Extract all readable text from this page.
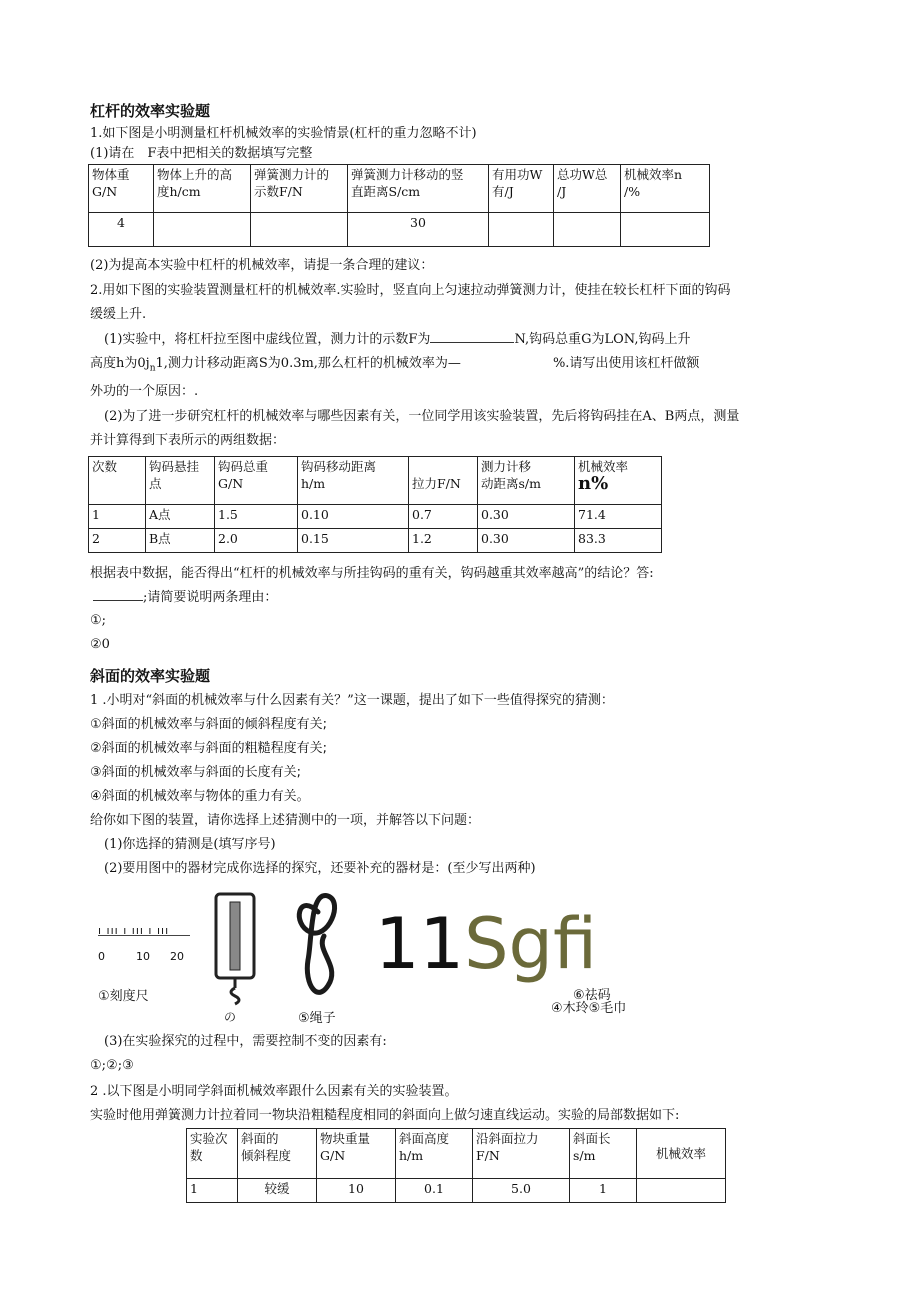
杠杆的效率实验题
1.如下图是小明测量杠杆机械效率的实验情景(杠杆的重力忽略不计)
(1)请在　F表中把相关的数据填写完整
物体重
G/N	物体上升的高
度h/cm	弹簧测力计的
示数F/N	弹簧测力计移动的竖
直距离S/cm	有用功W
有/J	总功W总
/J	机械效率n
/%
4			30			
(2)为提高本实验中杠杆的机械效率，请提一条合理的建议：
2.用如下图的实验装置测量杠杆的机械效率.实验时，竖直向上匀速拉动弹簧测力计，使挂在较长杠杆下面的钩码
缓缓上升.
(1)实验中，将杠杆拉至图中虚线位置，测力计的示数F为	N,钩码总重G为LON,钩码上升
高度h为$0j_n1$,测力计移动距离S为0.3m,那么杠杆的机械效率为—	%.请写出使用该杠杆做额
外功的一个原因：.
(2)为了进一步研究杠杆的机械效率与哪些因素有关，一位同学用该实验装置，先后将钩码挂在A、B两点，测量
并计算得到下表所示的两组数据：
次数	钩码悬挂
点	钩码总重
G/N	钩码移动距离
h/m	拉力F/N	测力计移
动距离s/m	机械效率
n%
1	A点	1.5	0.10	0.7	0.30	71.4
2	B点	2.0	0.15	1.2	0.30	83.3
根据表中数据，能否得出“杠杆的机械效率与所挂钩码的重有关，钩码越重其效率越高”的结论？答:
;请简要说明两条理由：
①;
②0
斜面的效率实验题
1 .小明对“斜面的机械效率与什么因素有关？”这一课题，提出了如下一些值得探究的猜测：
①斜面的机械效率与斜面的倾斜程度有关;
②斜面的机械效率与斜面的粗糙程度有关;
③斜面的机械效率与斜面的长度有关;
④斜面的机械效率与物体的重力有关。
给你如下图的装置，请你选择上述猜测中的一项，并解答以下问题：
(1)你选择的猜测是(填写序号)
(2)要用图中的器材完成你选择的探究，还要补充的器材是：(至少写出两种)
ı ııı ı ııı ı ııı
0	10 20
の
11Sgfi
①刻度尺
⑤绳子
⑥祛码
④木玲⑤毛巾
(3)在实验探究的过程中，需要控制不变的因素有:
①;②;③
2 .以下图是小明同学斜面机械效率跟什么因素有关的实验装置。
实验时他用弹簧测力计拉着同一物块沿粗糙程度相同的斜面向上做匀速直线运动。实验的局部数据如下:
实验次
数	斜面的
倾斜程度	物块重量
G/N	斜面高度
h/m	沿斜面拉力
F/N	斜面长
s/m	机械效率
1	较缓	10	0.1	5.0	1	
